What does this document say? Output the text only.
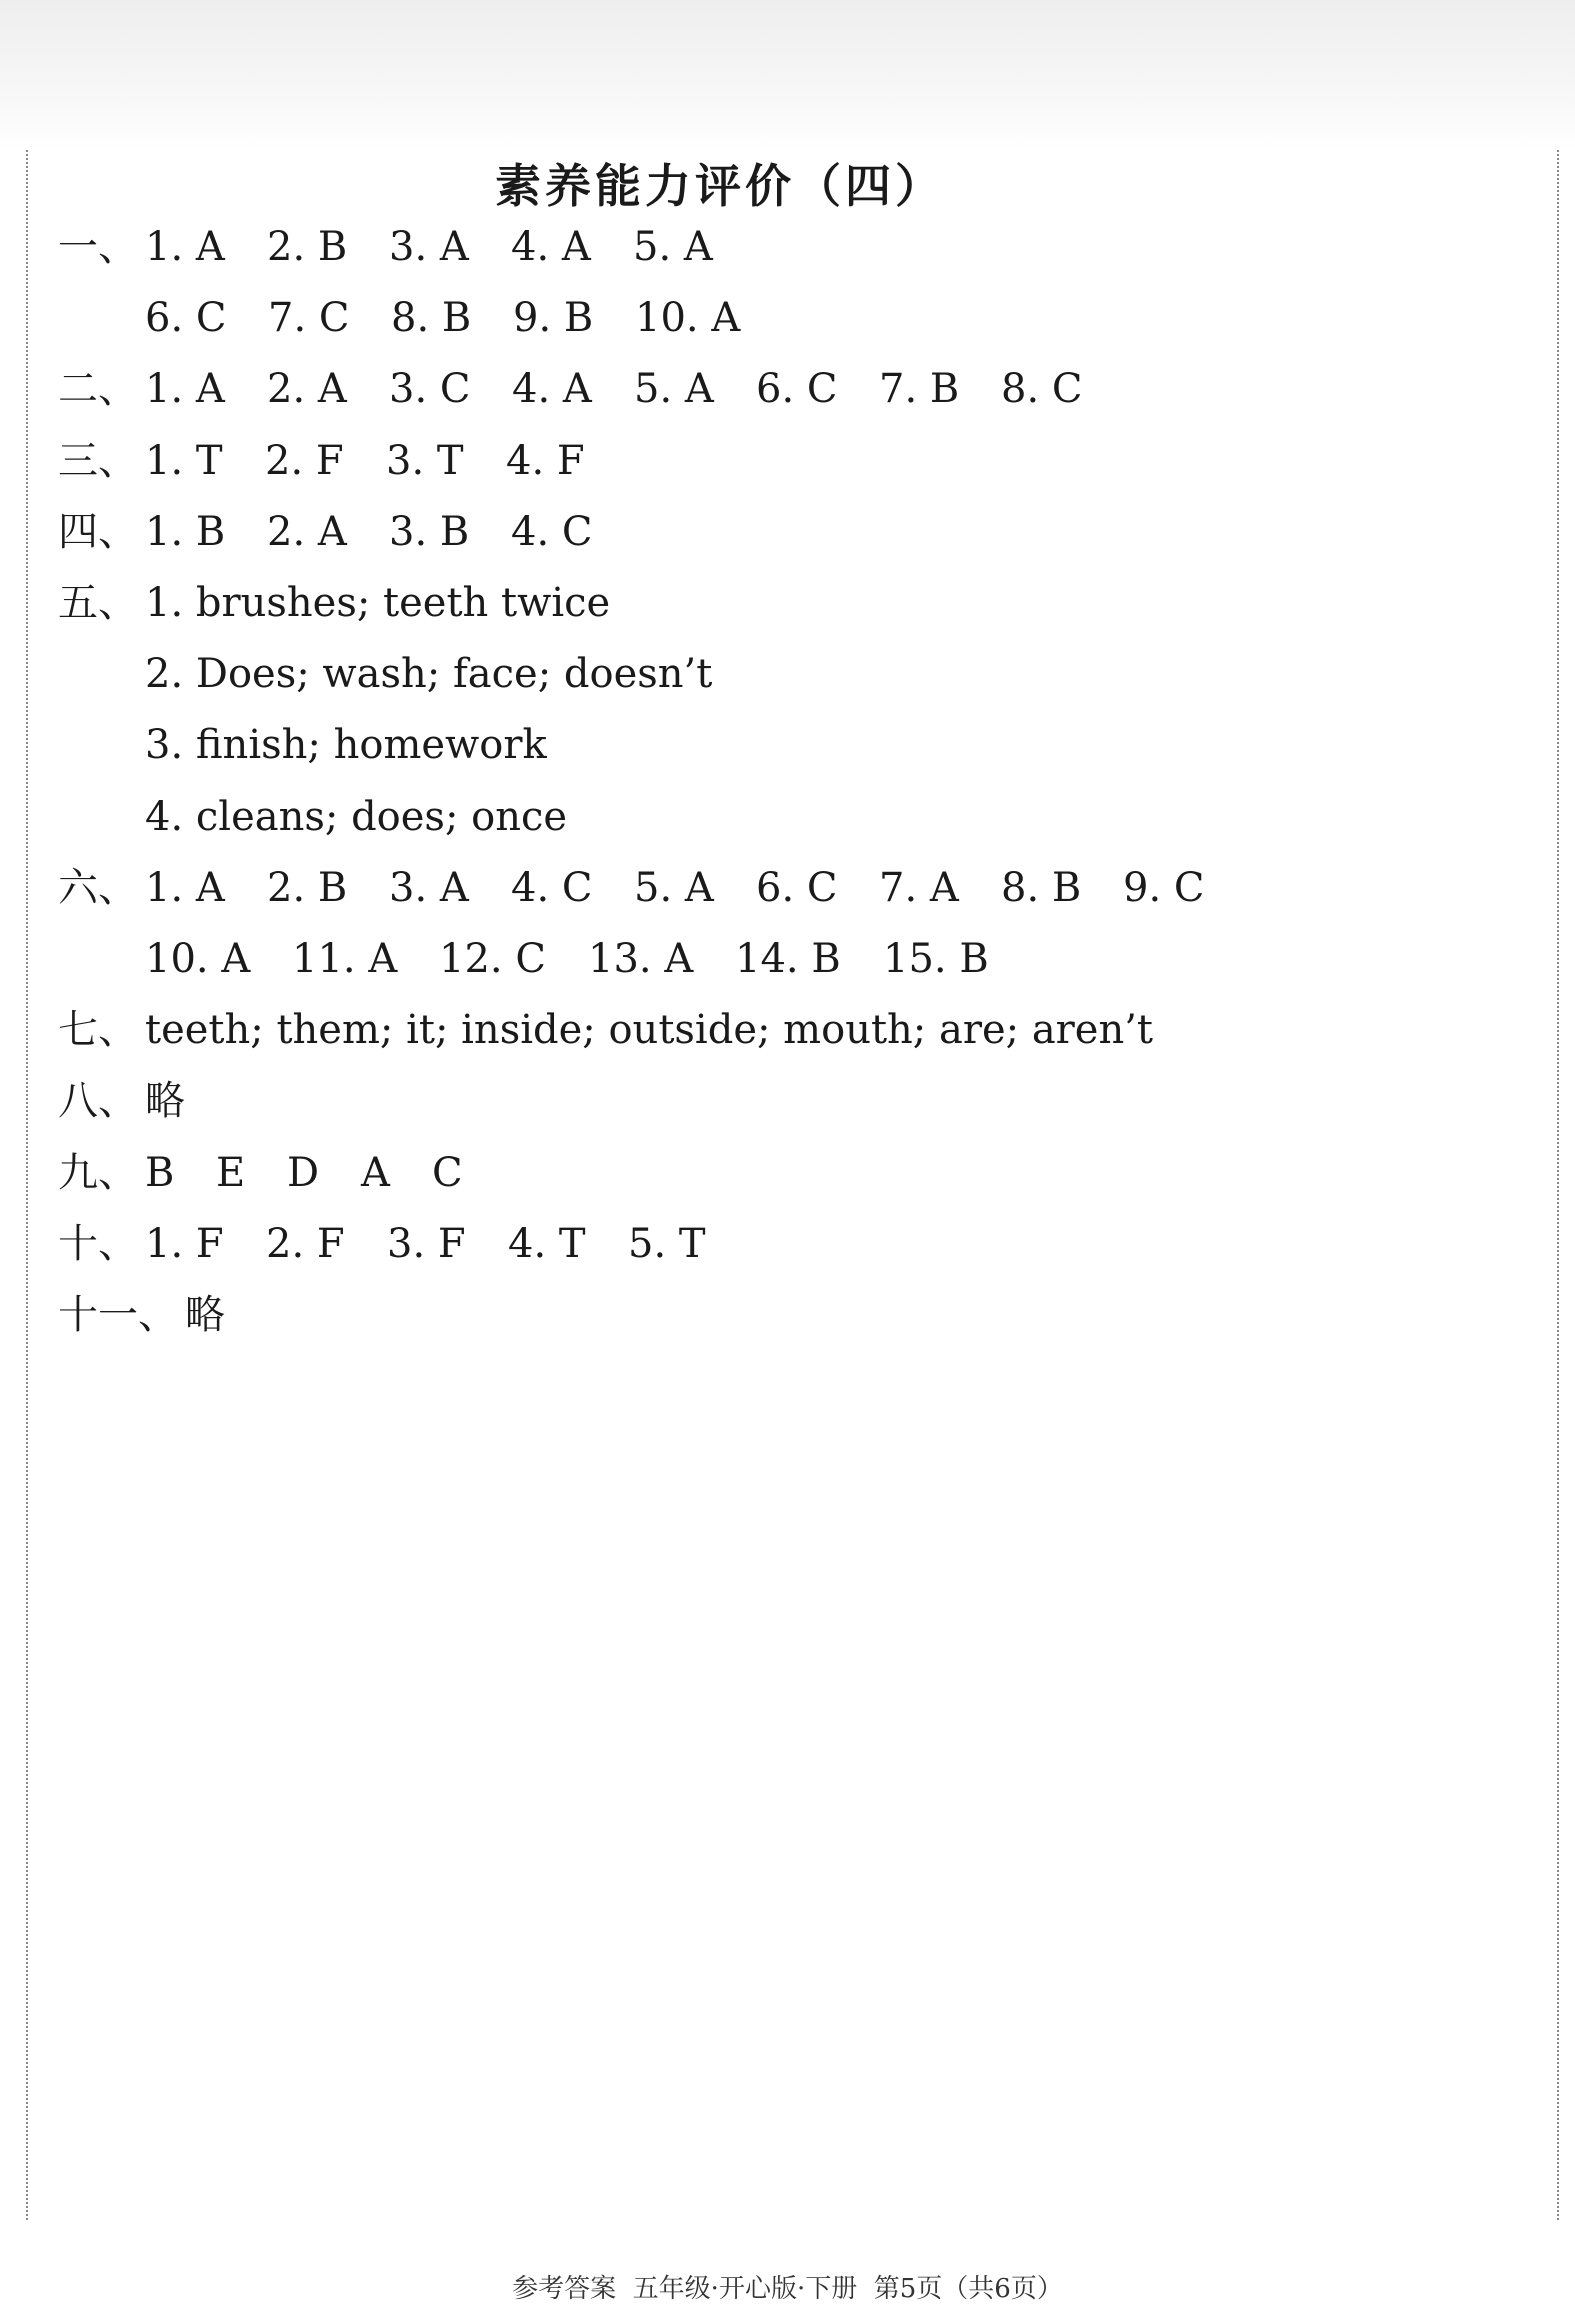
素养能力评价（四）
一、 1. A 2. B 3. A 4. A 5. A
6. C 7. C 8. B 9. B 10. A
二、 1. A 2. A 3. C 4. A 5. A 6. C 7. B 8. C
三、 1. T 2. F 3. T 4. F
四、 1. B 2. A 3. B 4. C
五、 1. brushes; teeth twice
2. Does; wash; face; doesn’t
3. finish; homework
4. cleans; does; once
六、 1. A 2. B 3. A 4. C 5. A 6. C 7. A 8. B 9. C
10. A 11. A 12. C 13. A 14. B 15. B
七、 teeth; them; it; inside; outside; mouth; are; aren’t
八、 略
九、 B E D A C
十、 1. F 2. F 3. F 4. T 5. T
十一、 略
参考答案  五年级·开心版·下册  第5页（共6页）
